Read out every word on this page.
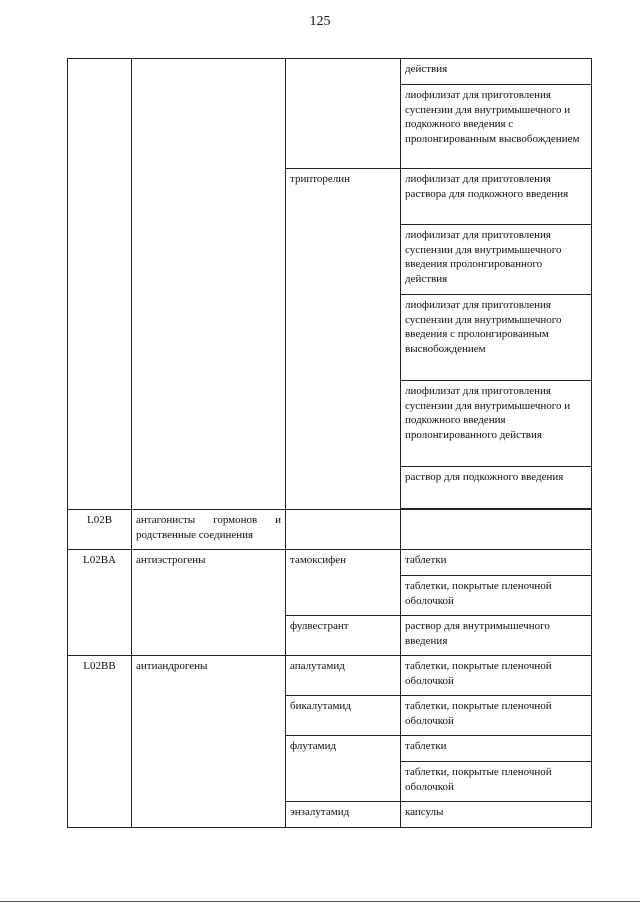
125
			действия
			лиофилизат для приготовления суспензии для внутримышечного и подкожного введения с пролонгированным высвобождением
		трипторелин	лиофилизат для приготовления раствора для подкожного введения
			лиофилизат для приготовления суспензии для внутримышечного введения пролонгированного действия
			лиофилизат для приготовления суспензии для внутримышечного введения с пролонгированным высвобождением
			лиофилизат для приготовления суспензии для внутримышечного и подкожного введения пролонгированного действия
			раствор для подкожного введения

L02B	антагонисты гормонов и родственные соединения		
L02BA	антиэстрогены	тамоксифен	таблетки
			таблетки, покрытые пленочной оболочкой
		фулвестрант	раствор для внутримышечного введения
L02BB	антиандрогены	апалутамид	таблетки, покрытые пленочной оболочкой
		бикалутамид	таблетки, покрытые пленочной оболочкой
		флутамид	таблетки
			таблетки, покрытые пленочной оболочкой
		энзалутамид	капсулы
